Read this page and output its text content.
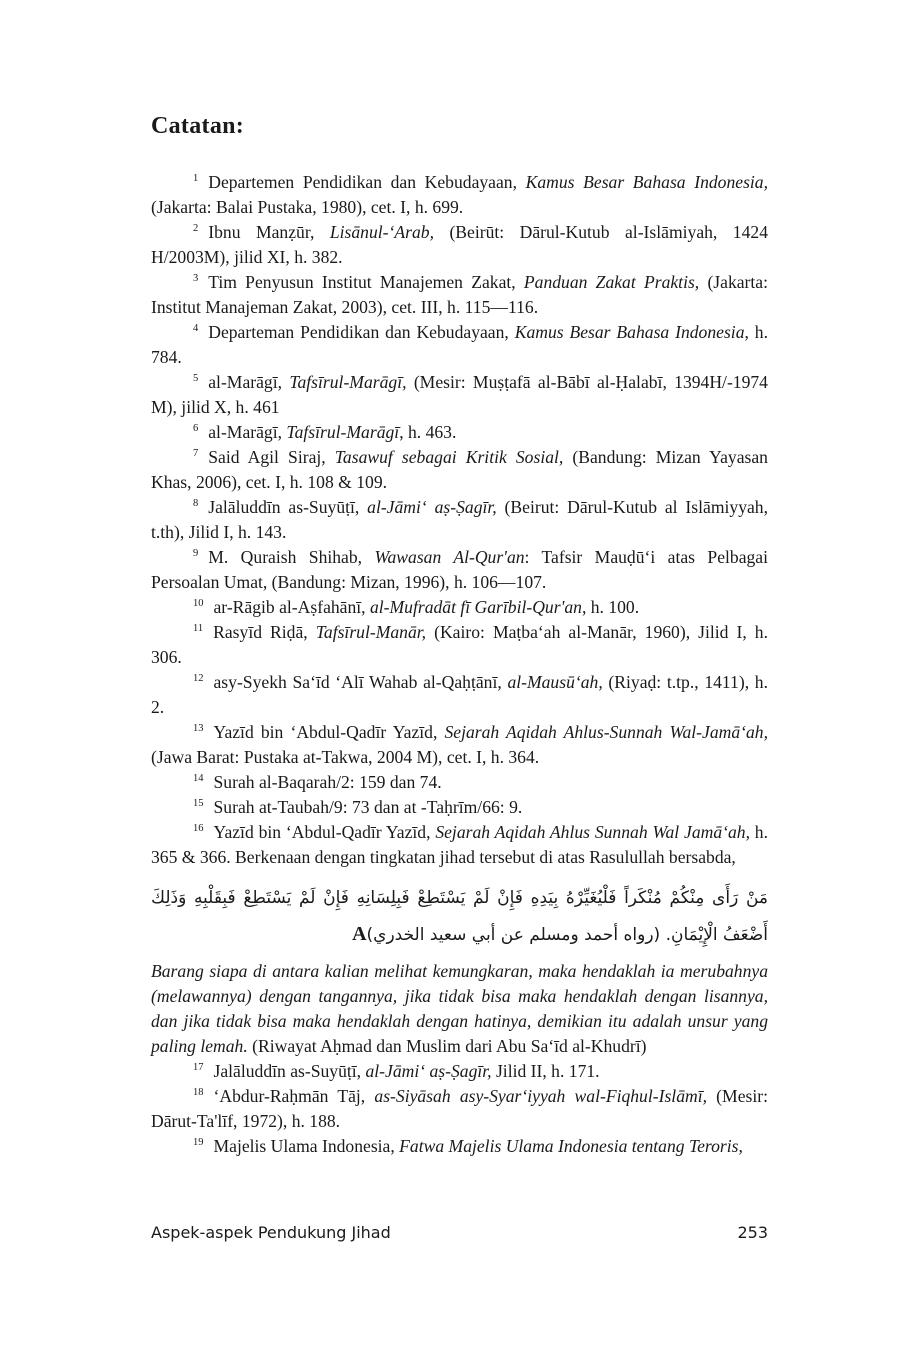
Catatan:

$^1$ Departemen Pendidikan dan Kebudayaan, Kamus Besar Bahasa Indonesia, (Jakarta: Balai Pustaka, 1980), cet. I, h. 699.

$^2$ Ibnu Manẓūr, Lisānul-‘Arab, (Beirūt: Dārul-Kutub al-Islāmiyah, 1424 H/2003M), jilid XI, h. 382.

$^3$ Tim Penyusun Institut Manajemen Zakat, Panduan Zakat Praktis, (Jakarta: Institut Manajeman Zakat, 2003), cet. III, h. 115—116.

$^4$ Departeman Pendidikan dan Kebudayaan, Kamus Besar Bahasa Indonesia, h. 784.

$^5$ al-Marāgī, Tafsīrul-Marāgī, (Mesir: Muṣṭafā al-Bābī al-Ḥalabī, 1394H/-1974 M), jilid X, h. 461

$^6$ al-Marāgī, Tafsīrul-Marāgī, h. 463.

$^7$ Said Agil Siraj, Tasawuf sebagai Kritik Sosial, (Bandung: Mizan Yayasan Khas, 2006), cet. I, h. 108 & 109.

$^8$ Jalāluddīn as-Suyūṭī, al-Jāmi‘ aṣ-Ṣagīr, (Beirut: Dārul-Kutub al Islāmiyyah, t.th), Jilid I, h. 143.

$^9$ M. Quraish Shihab, Wawasan Al-Qur'an: Tafsir Mauḍū‘i atas Pelbagai Persoalan Umat, (Bandung: Mizan, 1996), h. 106—107.

$^{10}$ ar-Rāgib al-Aṣfahānī, al-Mufradāt fī Garībil-Qur'an, h. 100.

$^{11}$ Rasyīd Riḍā, Tafsīrul-Manār, (Kairo: Maṭba‘ah al-Manār, 1960), Jilid I, h. 306.

$^{12}$ asy-Syekh Sa‘īd ‘Alī Wahab al-Qaḥṭānī, al-Mausū‘ah, (Riyaḍ: t.tp., 1411), h. 2.

$^{13}$ Yazīd bin ‘Abdul-Qadīr Yazīd, Sejarah Aqidah Ahlus-Sunnah Wal-Jamā‘ah, (Jawa Barat: Pustaka at-Takwa, 2004 M), cet. I, h. 364.

$^{14}$ Surah al-Baqarah/2: 159 dan 74.

$^{15}$ Surah at-Taubah/9: 73 dan at -Taḥrīm/66: 9.

$^{16}$ Yazīd bin ‘Abdul-Qadīr Yazīd, Sejarah Aqidah Ahlus Sunnah Wal Jamā‘ah, h. 365 & 366. Berkenaan dengan tingkatan jihad tersebut di atas Rasulullah bersabda,

مَنْ رَأَى مِنْكُمْ مُنْكَراً فَلْيُغَيِّرْهُ بِيَدِهِ فَإِنْ لَمْ يَسْتَطِعْ فَبِلِسَانِهِ فَإِنْ لَمْ يَسْتَطِعْ فَبِقَلْبِهِ وَذَلِكَ أَضْعَفُ الْإِيْمَانِ. (رواه أحمد ومسلم عن أبي سعيد الخدري)A

Barang siapa di antara kalian melihat kemungkaran, maka hendaklah ia merubahnya (melawannya) dengan tangannya, jika tidak bisa maka hendaklah dengan lisannya, dan jika tidak bisa maka hendaklah dengan hatinya, demikian itu adalah unsur yang paling lemah. (Riwayat Aḥmad dan Muslim dari Abu Sa‘īd al-Khudrī)

$^{17}$ Jalāluddīn as-Suyūṭī, al-Jāmi‘ aṣ-Ṣagīr, Jilid II, h. 171.

$^{18}$ ‘Abdur-Raḥmān Tāj, as-Siyāsah asy-Syar‘iyyah wal-Fiqhul-Islāmī, (Mesir: Dārut-Ta'līf, 1972), h. 188.

$^{19}$ Majelis Ulama Indonesia, Fatwa Majelis Ulama Indonesia tentang Teroris,

Aspek-aspek Pendukung Jihad	253
